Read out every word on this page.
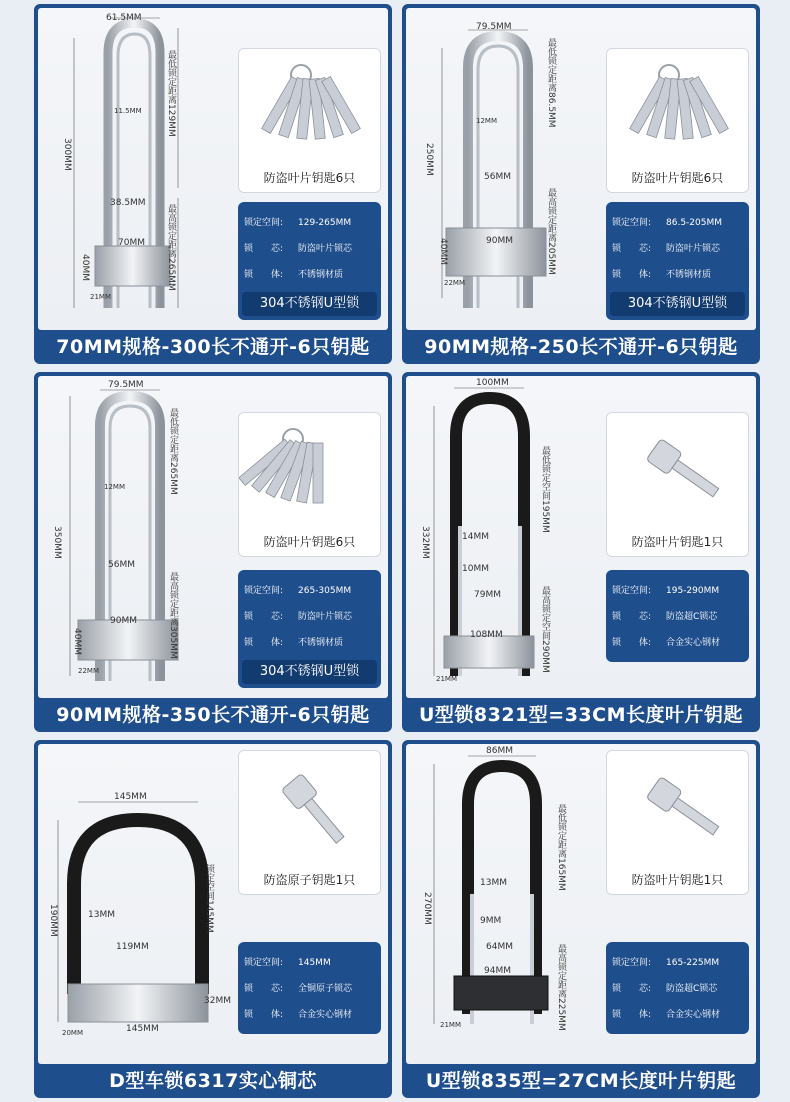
61.5MM
300MM
11.5MM
38.5MM
70MM
40MM
21MM
最低锁定距离129MM
最高锁定距离265MM
防盗叶片钥匙6只
锁定空间: 129-265MM
锁　　芯: 防盗叶片锁芯
锁　　体: 不锈钢材质
304不锈钢U型锁
70MM规格-300长不通开-6只钥匙
79.5MM
250MM
12MM
56MM
90MM
40MM
22MM
最低锁定距离86.5MM
最高锁定距离205MM
防盗叶片钥匙6只
锁定空间: 86.5-205MM
锁　　芯: 防盗叶片锁芯
锁　　体: 不锈钢材质
304不锈钢U型锁
90MM规格-250长不通开-6只钥匙
79.5MM
350MM
12MM
56MM
90MM
40MM
22MM
最低锁定距离265MM
最高锁定距离305MM
防盗叶片钥匙6只
锁定空间: 265-305MM
锁　　芯: 防盗叶片锁芯
锁　　体: 不锈钢材质
304不锈钢U型锁
90MM规格-350长不通开-6只钥匙
100MM
332MM	14MM
10MM
79MM
108MM
21MM
最低锁定空间195MM
最高锁定空间290MM
防盗叶片钥匙1只
锁定空间: 195-290MM
锁　　芯: 防盗超C锁芯
锁　　体: 合金实心钢材
U型锁8321型=33CM长度叶片钥匙
145MM
190MM	13MM
119MM
145MM
32MM
20MM
锁定空间145MM	防盗原子钥匙1只
锁定空间: 145MM
锁　　芯: 全铜原子锁芯
锁　　体: 合金实心钢材
D型车锁6317实心铜芯
86MM
270MM
13MM
9MM
64MM
94MM
21MM
最低锁定距离165MM
最高锁定距离225MM
防盗叶片钥匙1只
锁定空间: 165-225MM
锁　　芯: 防盗超C锁芯
锁　　体: 合金实心钢材
U型锁835型=27CM长度叶片钥匙
